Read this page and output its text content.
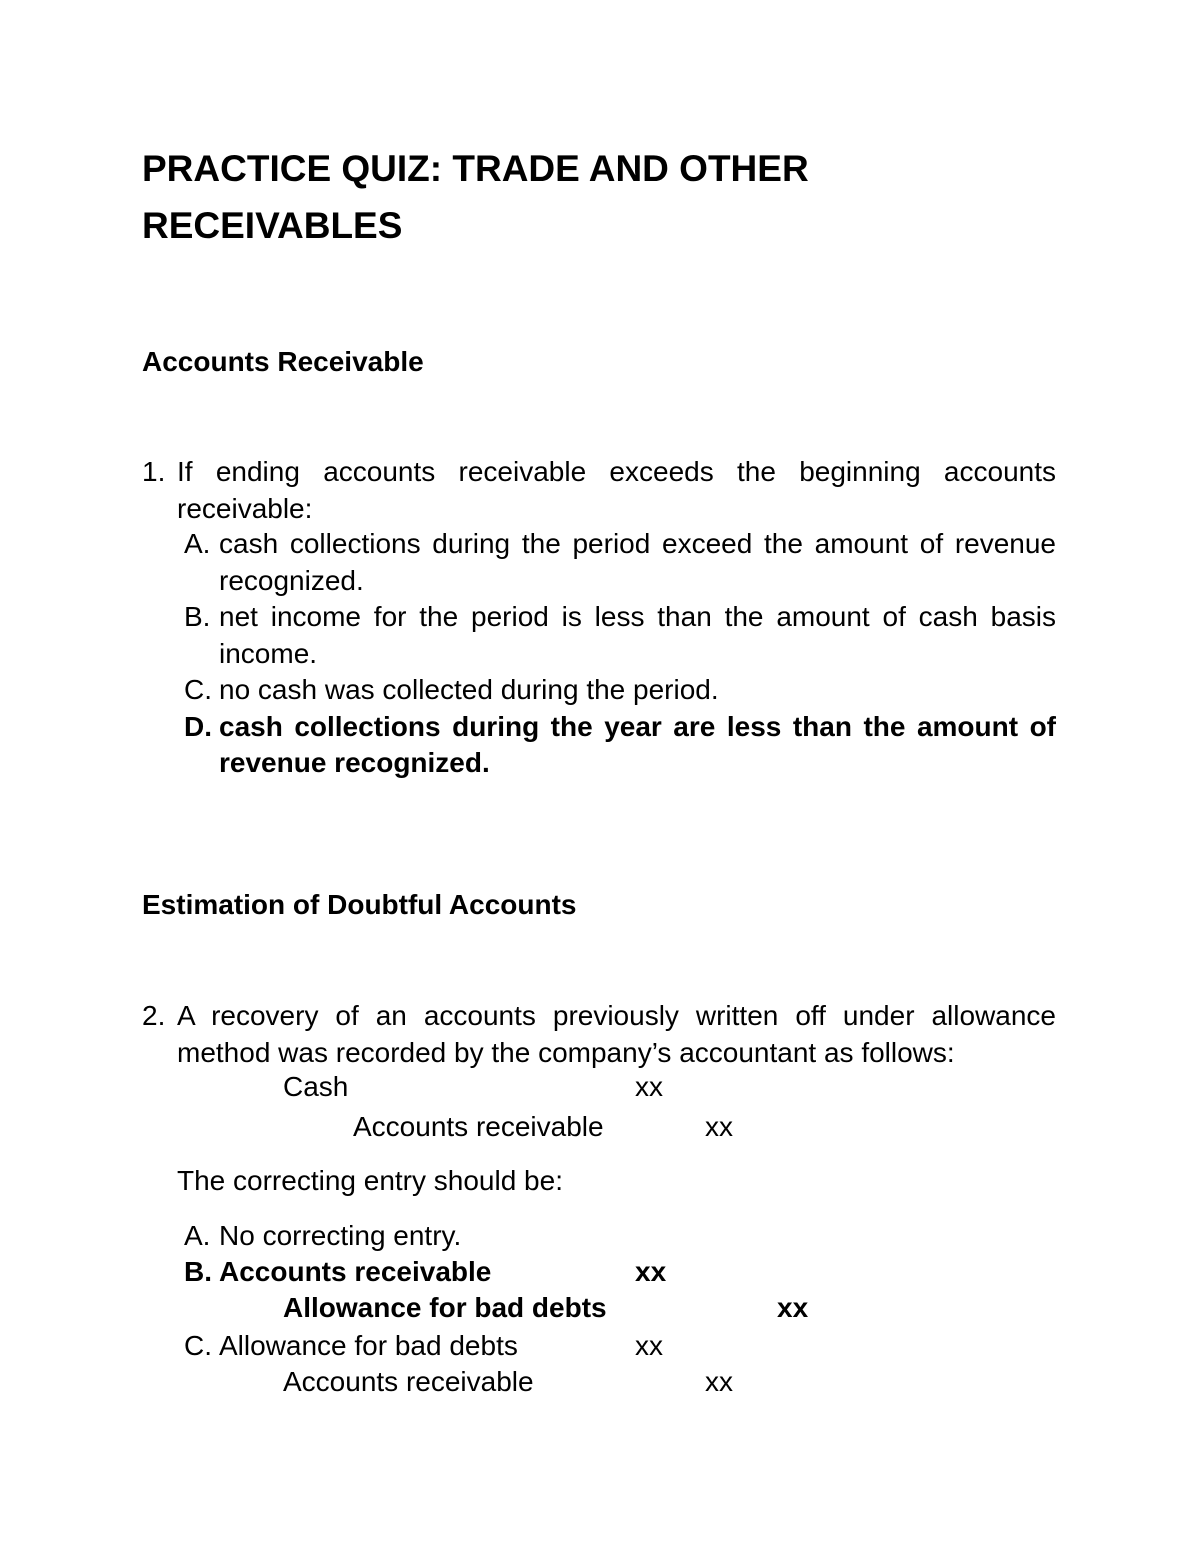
PRACTICE QUIZ: TRADE AND OTHER RECEIVABLES
Accounts Receivable
1. If ending accounts receivable exceeds the beginning accounts receivable:
A. cash collections during the period exceed the amount of revenue recognized.
B. net income for the period is less than the amount of cash basis income.
C. no cash was collected during the period.
D. cash collections during the year are less than the amount of revenue recognized.
Estimation of Doubtful Accounts
2. A recovery of an accounts previously written off under allowance method was recorded by the company’s accountant as follows:
Cash	xx
Accounts receivable	xx
The correcting entry should be:
A. No correcting entry.
B. Accounts receivable	xx
Allowance for bad debts	xx
C. Allowance for bad debts	xx
Accounts receivable	xx
